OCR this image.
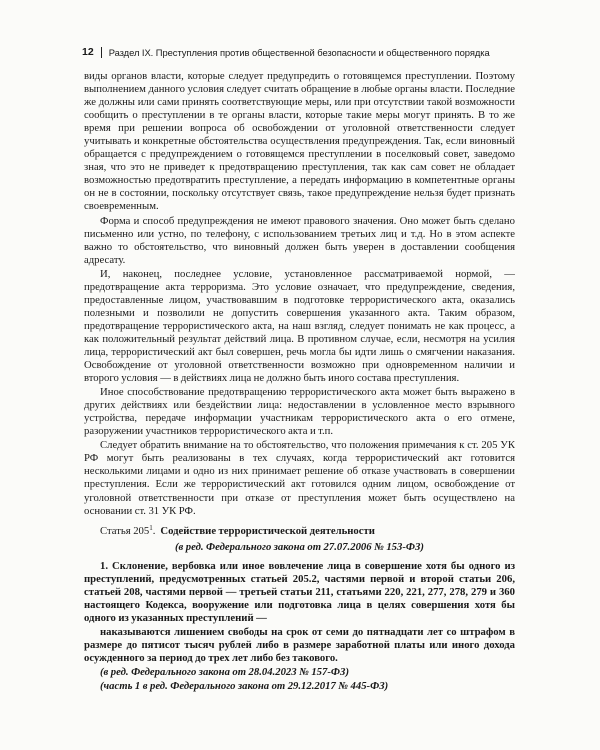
12 Раздел IX. Преступления против общественной безопасности и общественного порядка

виды органов власти, которые следует предупредить о готовящемся преступлении. Поэтому выполнением данного условия следует считать обращение в любые органы власти. Последние же должны или сами принять соответствующие меры, или при отсутствии такой возможности сообщить о преступлении в те органы власти, которые такие меры могут принять. В то же время при решении вопроса об освобождении от уголовной ответственности следует учитывать и конкретные обстоятельства осуществления предупреждения. Так, если виновный обращается с предупреждением о готовящемся преступлении в поселковый совет, заведомо зная, что это не приведет к предотвращению преступления, так как сам совет не обладает возможностью предотвратить преступление, а передать информацию в компетентные органы он не в состоянии, поскольку отсутствует связь, такое предупреждение нельзя будет признать своевременным.

Форма и способ предупреждения не имеют правового значения. Оно может быть сделано письменно или устно, по телефону, с использованием третьих лиц и т.д. Но в этом аспекте важно то обстоятельство, что виновный должен быть уверен в доставлении сообщения адресату.

И, наконец, последнее условие, установленное рассматриваемой нормой, — предотвращение акта терроризма. Это условие означает, что предупреждение, сведения, предоставленные лицом, участвовавшим в подготовке террористического акта, оказались полезными и позволили не допустить совершения указанного акта. Таким образом, предотвращение террористического акта, на наш взгляд, следует понимать не как процесс, а как положительный результат действий лица. В противном случае, если, несмотря на усилия лица, террористический акт был совершен, речь могла бы идти лишь о смягчении наказания. Освобождение от уголовной ответственности возможно при одновременном наличии и второго условия — в действиях лица не должно быть иного состава преступления.

Иное способствование предотвращению террористического акта может быть выражено в других действиях или бездействии лица: недоставлении в условленное место взрывного устройства, передаче информации участникам террористического акта о его отмене, разоружении участников террористического акта и т.п.

Следует обратить внимание на то обстоятельство, что положения примечания к ст. 205 УК РФ могут быть реализованы в тех случаях, когда террористический акт готовится несколькими лицами и одно из них принимает решение об отказе участвовать в совершении преступления. Если же террористический акт готовился одним лицом, освобождение от уголовной ответственности при отказе от преступления может быть осуществлено на основании ст. 31 УК РФ.

Статья $205^1$. Содействие террористической деятельности

(в ред. Федерального закона от 27.07.2006 № 153-ФЗ)

1. Склонение, вербовка или иное вовлечение лица в совершение хотя бы одного из преступлений, предусмотренных статьей 205.2, частями первой и второй статьи 206, статьей 208, частями первой — третьей статьи 211, статьями 220, 221, 277, 278, 279 и 360 настоящего Кодекса, вооружение или подготовка лица в целях совершения хотя бы одного из указанных преступлений —

наказываются лишением свободы на срок от семи до пятнадцати лет со штрафом в размере до пятисот тысяч рублей либо в размере заработной платы или иного дохода осужденного за период до трех лет либо без такового.

(в ред. Федерального закона от 28.04.2023 № 157-ФЗ)

(часть 1 в ред. Федерального закона от 29.12.2017 № 445-ФЗ)
